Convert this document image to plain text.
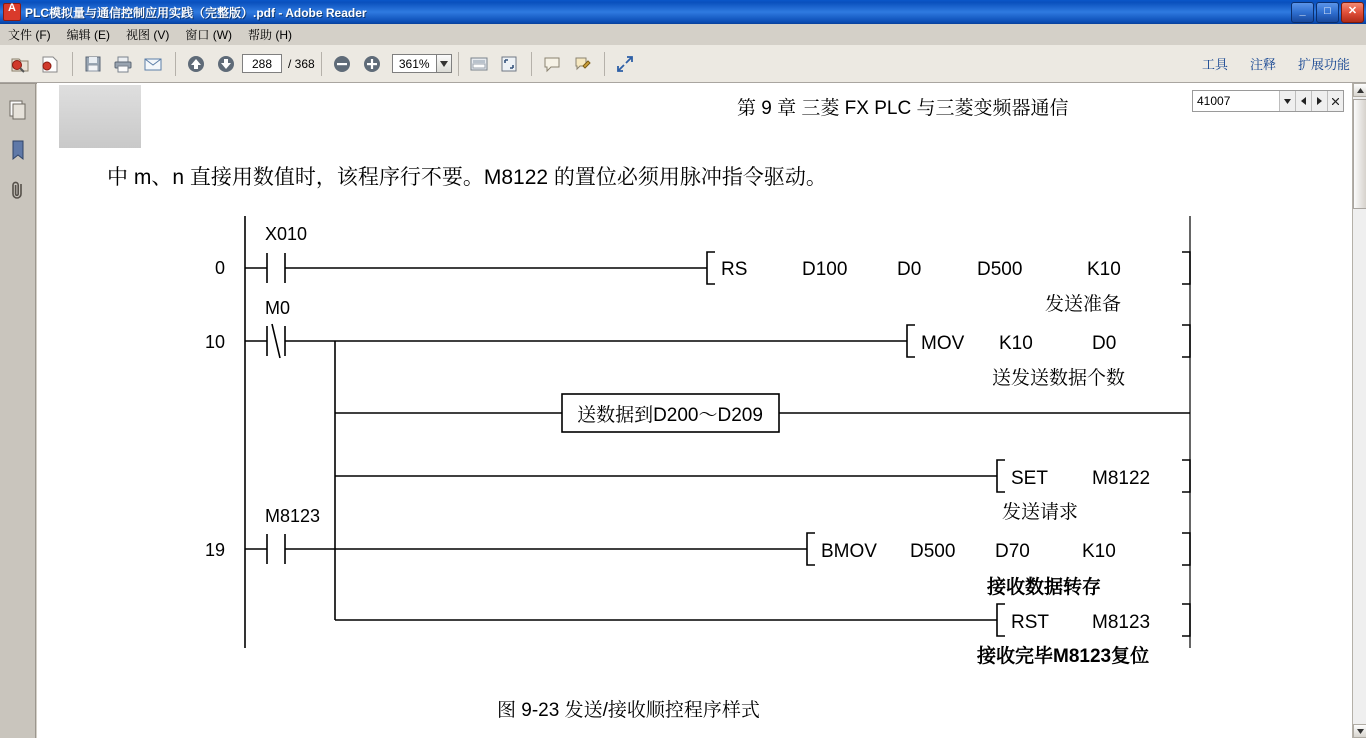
A
PLC模拟量与通信控制应用实践（完整版）.pdf - Adobe Reader	_	□	✕
文件 (F)	编辑 (E)	视图 (V)	窗口 (W)	帮助 (H)
288	/ 368	361%	工具 注释 扩展功能
第 9 章 三菱 FX PLC 与三菱变频器通信
中 m、n 直接用数值时，该程序行不要。M8122 的置位必须用脉冲指令驱动。
0
X010
RS	D100	D0	D500	K10
发送准备
10
M0
MOV K10	D0
送发送数据个数
送数据到D200～D209
SET M8122
发送请求
19
M8123
BMOV D500 D70	K10
接收数据转存
RST M8123
接收完毕M8123复位
图 9-23 发送/接收顺控程序样式
41007
